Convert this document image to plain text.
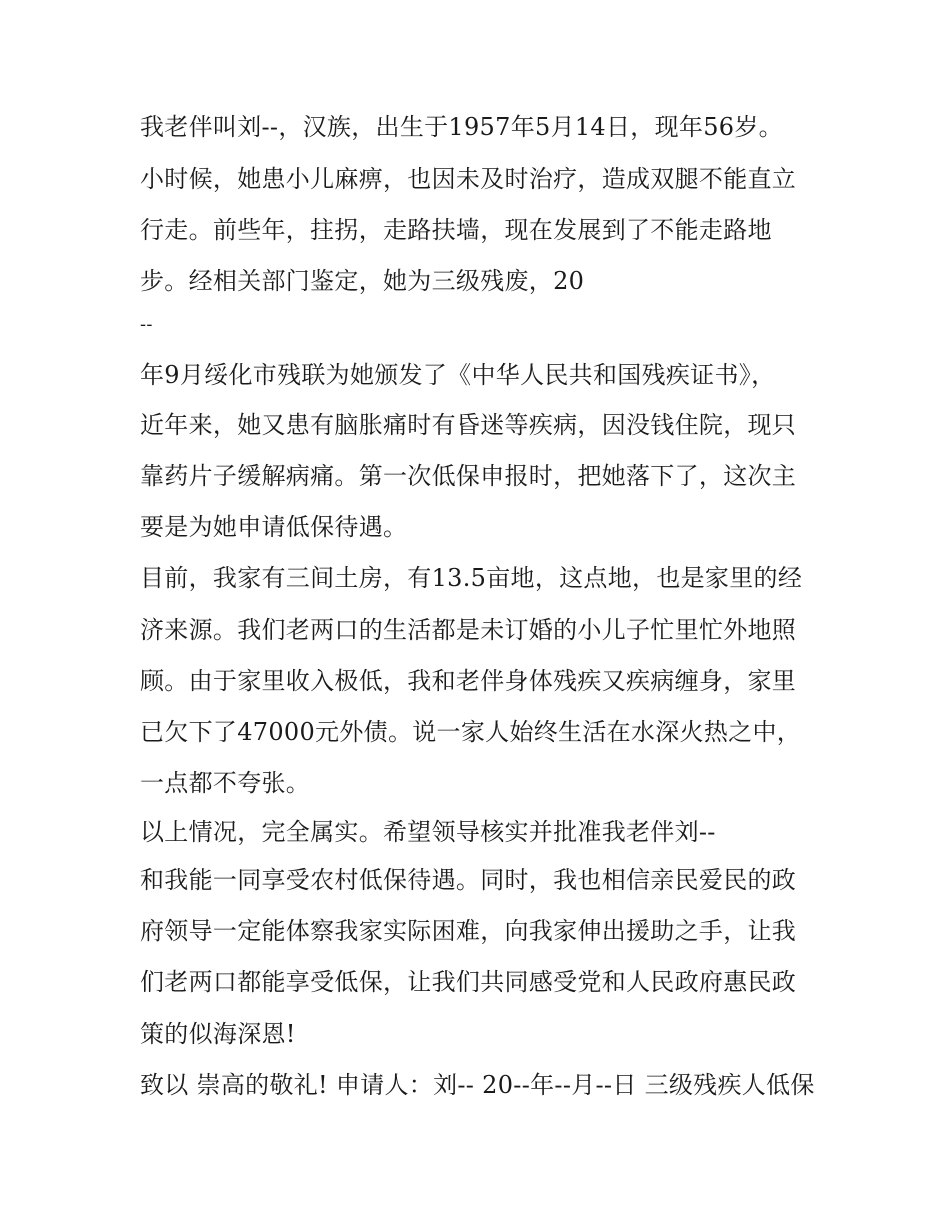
我老伴叫刘--，汉族，出生于1957年5月14日，现年56岁。
小时候，她患小儿麻痹，也因未及时治疗，造成双腿不能直立
行走。前些年，拄拐，走路扶墙，现在发展到了不能走路地
步。经相关部门鉴定，她为三级残废，20
--
年9月绥化市残联为她颁发了《中华人民共和国残疾证书》，
近年来，她又患有脑胀痛时有昏迷等疾病，因没钱住院，现只
靠药片子缓解病痛。第一次低保申报时，把她落下了，这次主
要是为她申请低保待遇。
目前，我家有三间土房，有13.5亩地，这点地，也是家里的经
济来源。我们老两口的生活都是未订婚的小儿子忙里忙外地照
顾。由于家里收入极低，我和老伴身体残疾又疾病缠身，家里
已欠下了47000元外债。说一家人始终生活在水深火热之中，
一点都不夸张。
以上情况，完全属实。希望领导核实并批准我老伴刘--
和我能一同享受农村低保待遇。同时，我也相信亲民爱民的政
府领导一定能体察我家实际困难，向我家伸出援助之手，让我
们老两口都能享受低保，让我们共同感受党和人民政府惠民政
策的似海深恩!
致以 崇高的敬礼! 申请人：刘-- 20--年--月--日 三级残疾人低保
